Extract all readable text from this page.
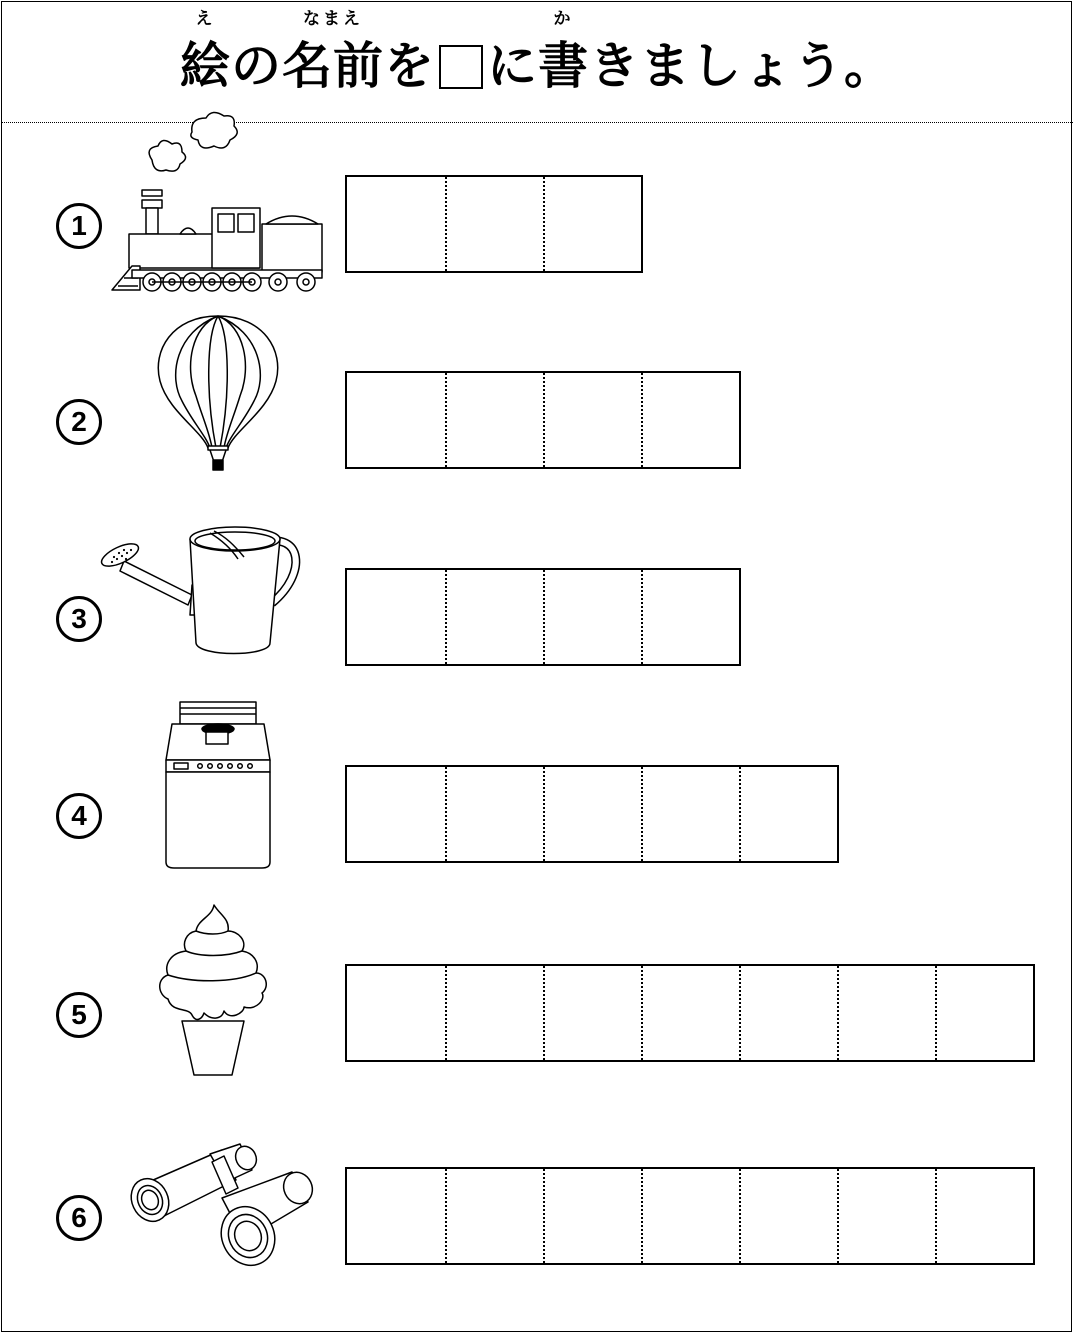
え
絵の
なまえ
名前を に
か
書きましょう。
1
2
3
4
5
6
